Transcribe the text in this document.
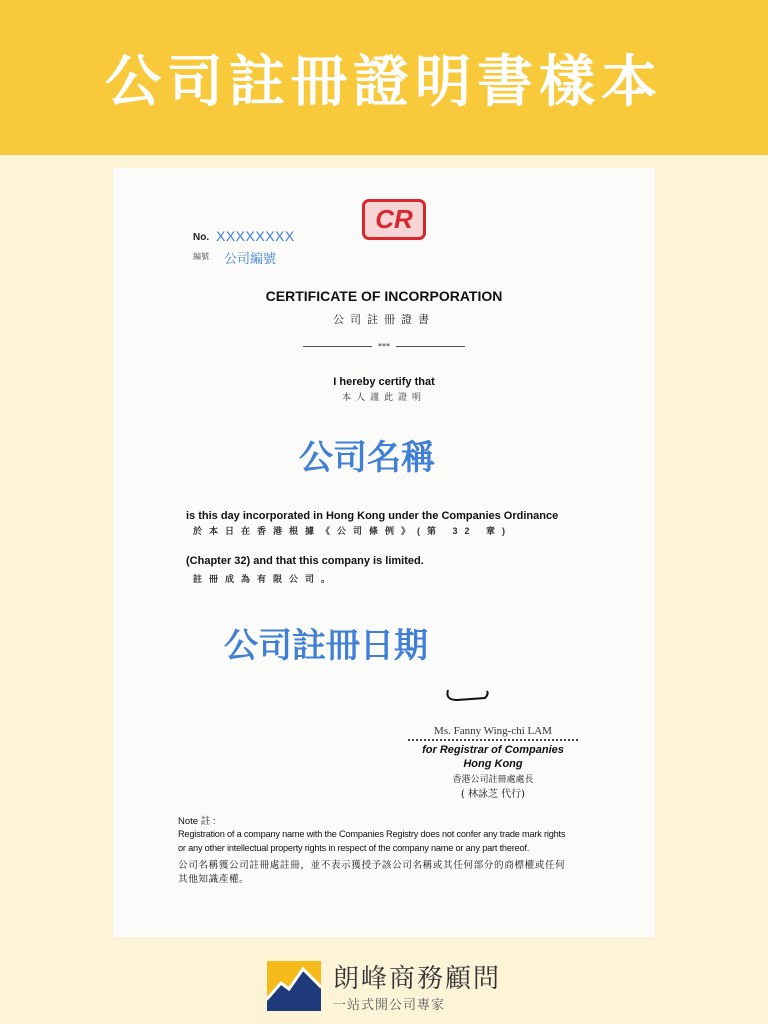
公司註冊證明書樣本
CR
No. XXXXXXXX
編號 公司編號
CERTIFICATE OF INCORPORATION
公司註冊證書
***
I hereby certify that
本人謹此證明
公司名稱
is this day incorporated in Hong Kong under the Companies Ordinance
於本日在香港根據《公司條例》(第 32 章)
(Chapter 32) and that this company is limited.
註冊成為有限公司。
公司註冊日期
Ms. Fanny Wing-chi LAM
for Registrar of Companies
Hong Kong
香港公司註冊處處長
( 林詠芝 代行)
Note 註 :
Registration of a company name with the Companies Registry does not confer any trade mark rights
or any other intellectual property rights in respect of the company name or any part thereof.
公司名稱獲公司註冊處註冊，並不表示獲授予該公司名稱或其任何部分的商標權或任何
其他知識產權。
朗峰商務顧問
一站式開公司專家
